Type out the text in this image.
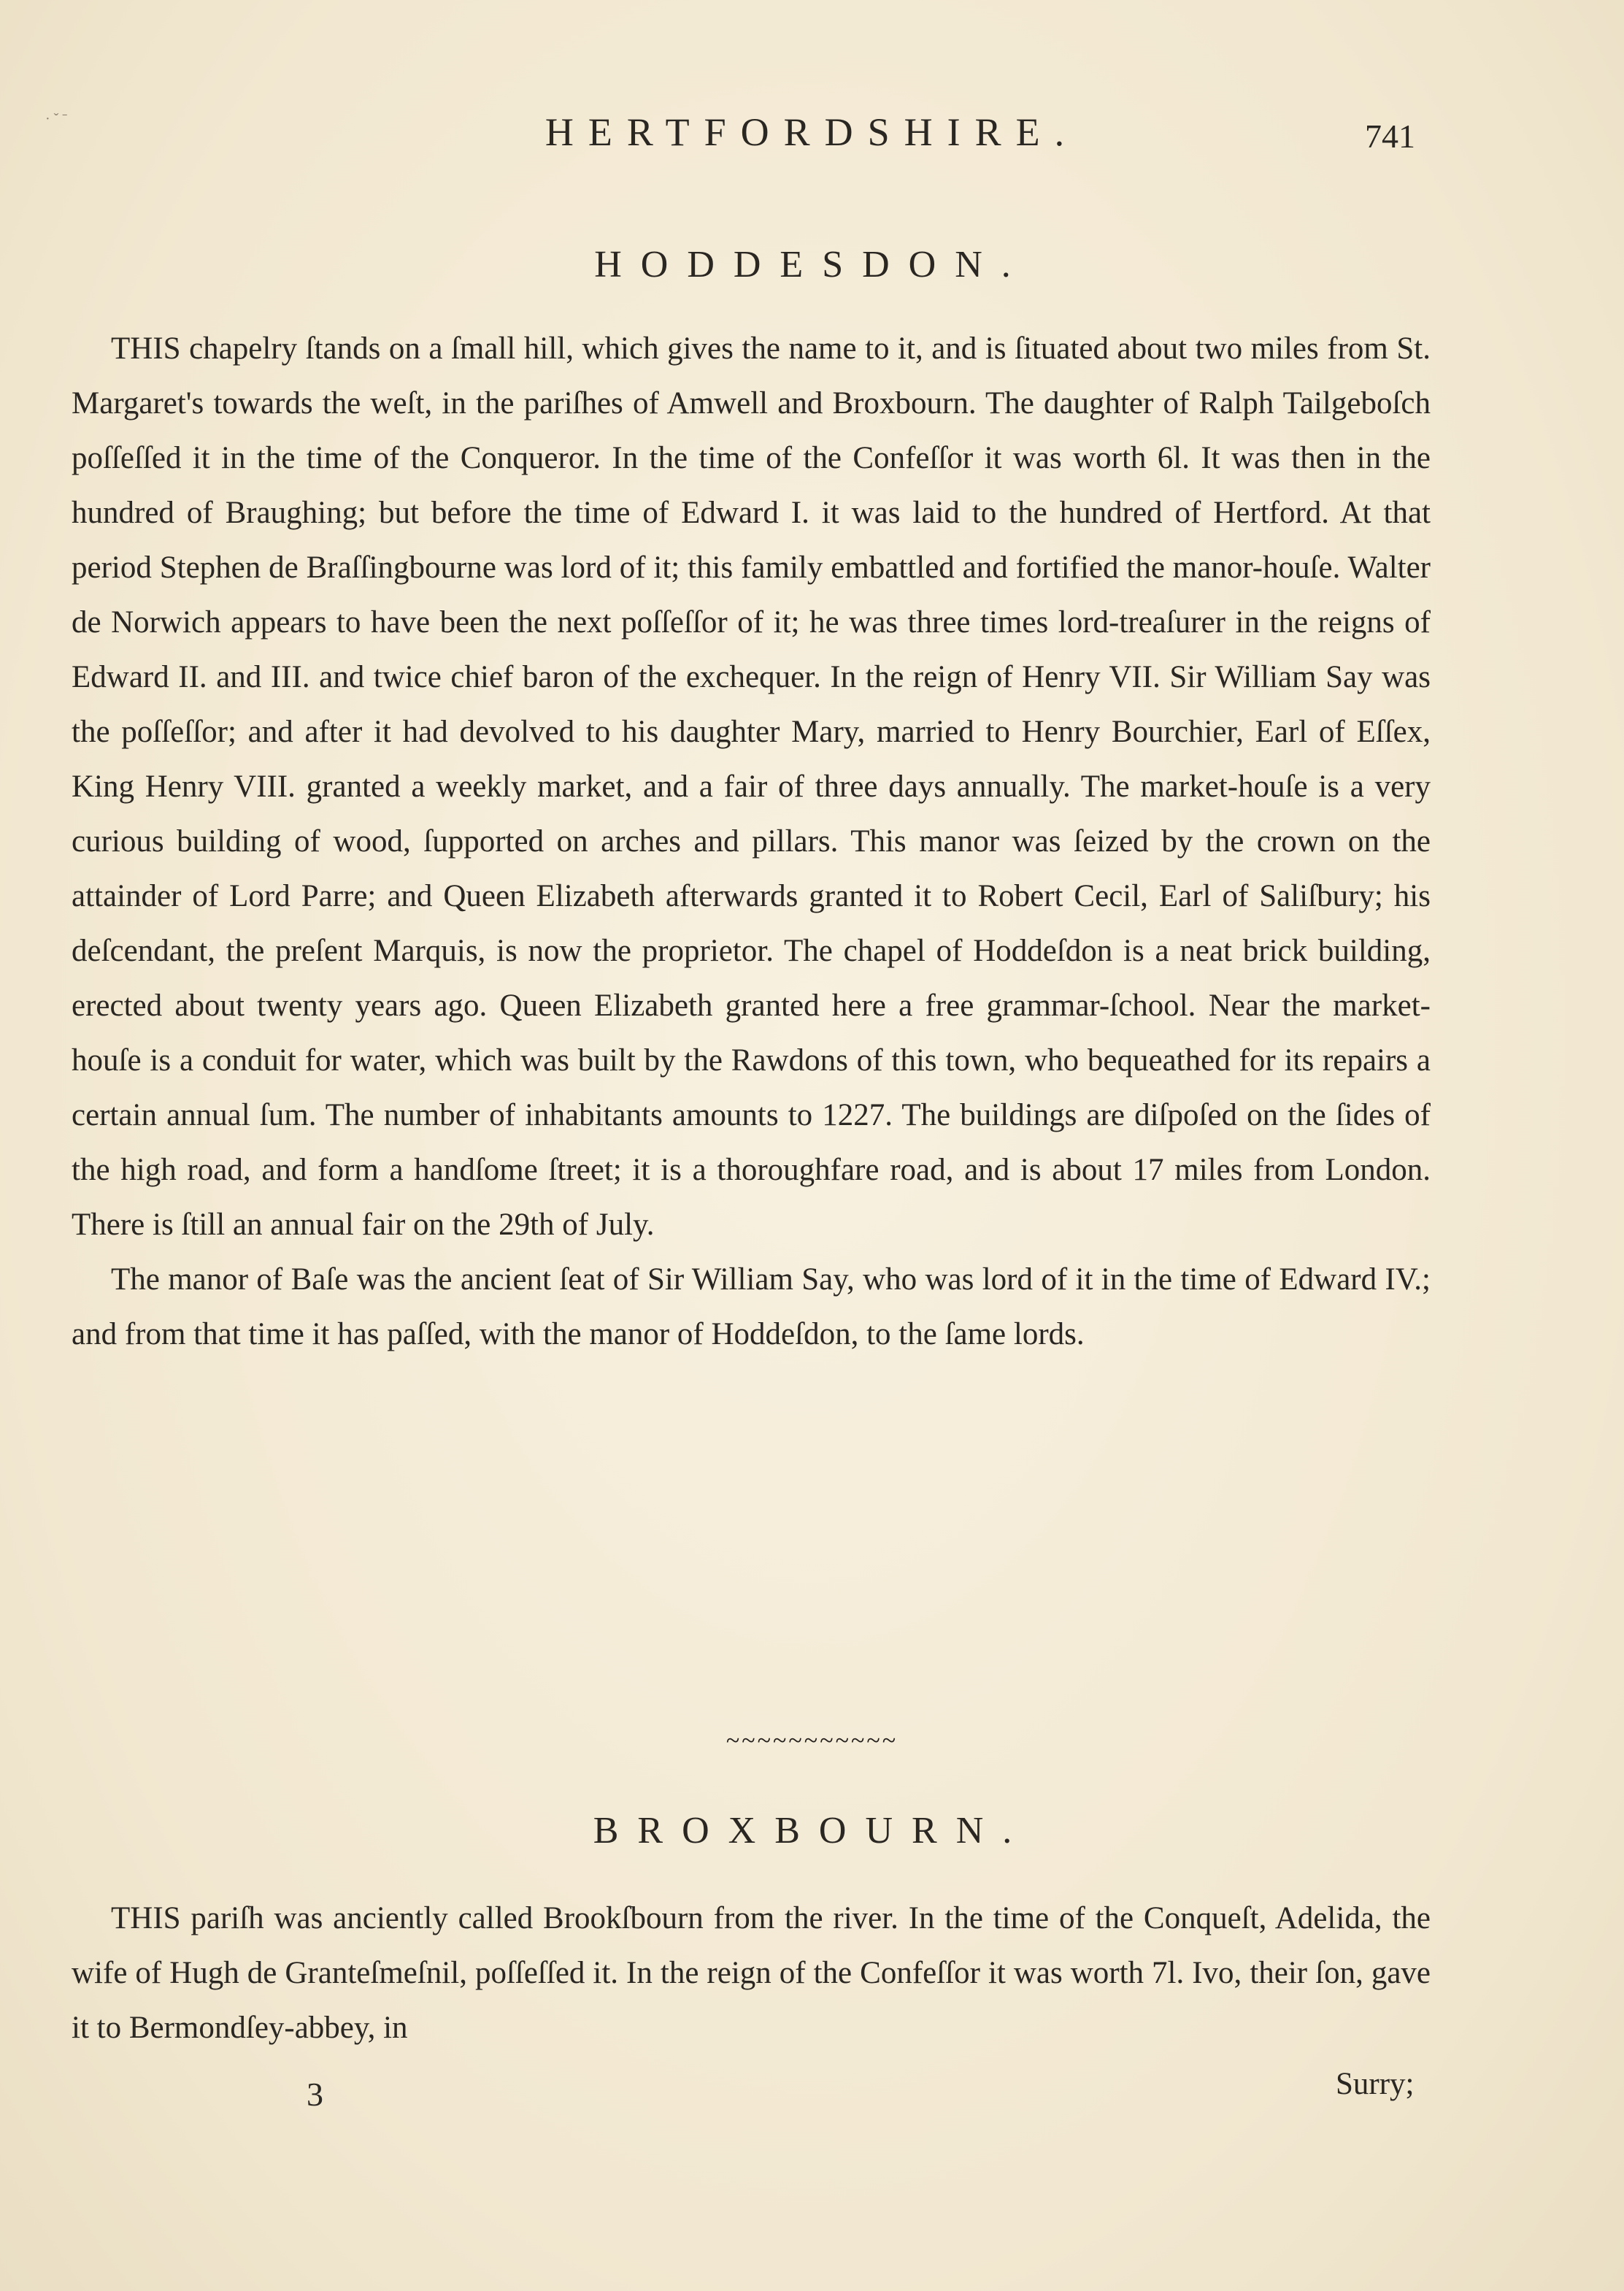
· ˇ ˉ	HERTFORDSHIRE.	741
HODDESDON.

THIS chapelry ſtands on a ſmall hill, which gives the name to it, and is ſituated about two miles from St. Margaret's towards the weſt, in the pariſhes of Amwell and Broxbourn. The daughter of Ralph Tailgeboſch poſſeſſed it in the time of the Conqueror. In the time of the Confeſſor it was worth 6l. It was then in the hundred of Braughing; but before the time of Edward I. it was laid to the hundred of Hertford. At that period Stephen de Braſſingbourne was lord of it; this family embattled and fortified the manor-houſe. Walter de Norwich appears to have been the next poſſeſſor of it; he was three times lord-treaſurer in the reigns of Edward II. and III. and twice chief baron of the exchequer. In the reign of Henry VII. Sir William Say was the poſſeſſor; and after it had devolved to his daughter Mary, married to Henry Bourchier, Earl of Eſſex, King Henry VIII. granted a weekly market, and a fair of three days annually. The market-houſe is a very curious building of wood, ſupported on arches and pillars. This manor was ſeized by the crown on the attainder of Lord Parre; and Queen Elizabeth afterwards granted it to Robert Cecil, Earl of Saliſbury; his deſcendant, the preſent Marquis, is now the proprietor. The chapel of Hoddeſdon is a neat brick building, erected about twenty years ago. Queen Elizabeth granted here a free grammar-ſchool. Near the market-houſe is a conduit for water, which was built by the Rawdons of this town, who bequeathed for its repairs a certain annual ſum. The number of inhabitants amounts to 1227. The buildings are diſpoſed on the ſides of the high road, and form a handſome ſtreet; it is a thoroughfare road, and is about 17 miles from London. There is ſtill an annual fair on the 29th of July.

The manor of Baſe was the ancient ſeat of Sir William Say, who was lord of it in the time of Edward IV.; and from that time it has paſſed, with the manor of Hoddeſdon, to the ſame lords.

~~~~~~~~~~~
BROXBOURN.

THIS pariſh was anciently called Brookſbourn from the river. In the time of the Conqueſt, Adelida, the wife of Hugh de Granteſmeſnil, poſſeſſed it. In the reign of the Confeſſor it was worth 7l. Ivo, their ſon, gave it to Bermondſey-abbey, in

3	Surry;
